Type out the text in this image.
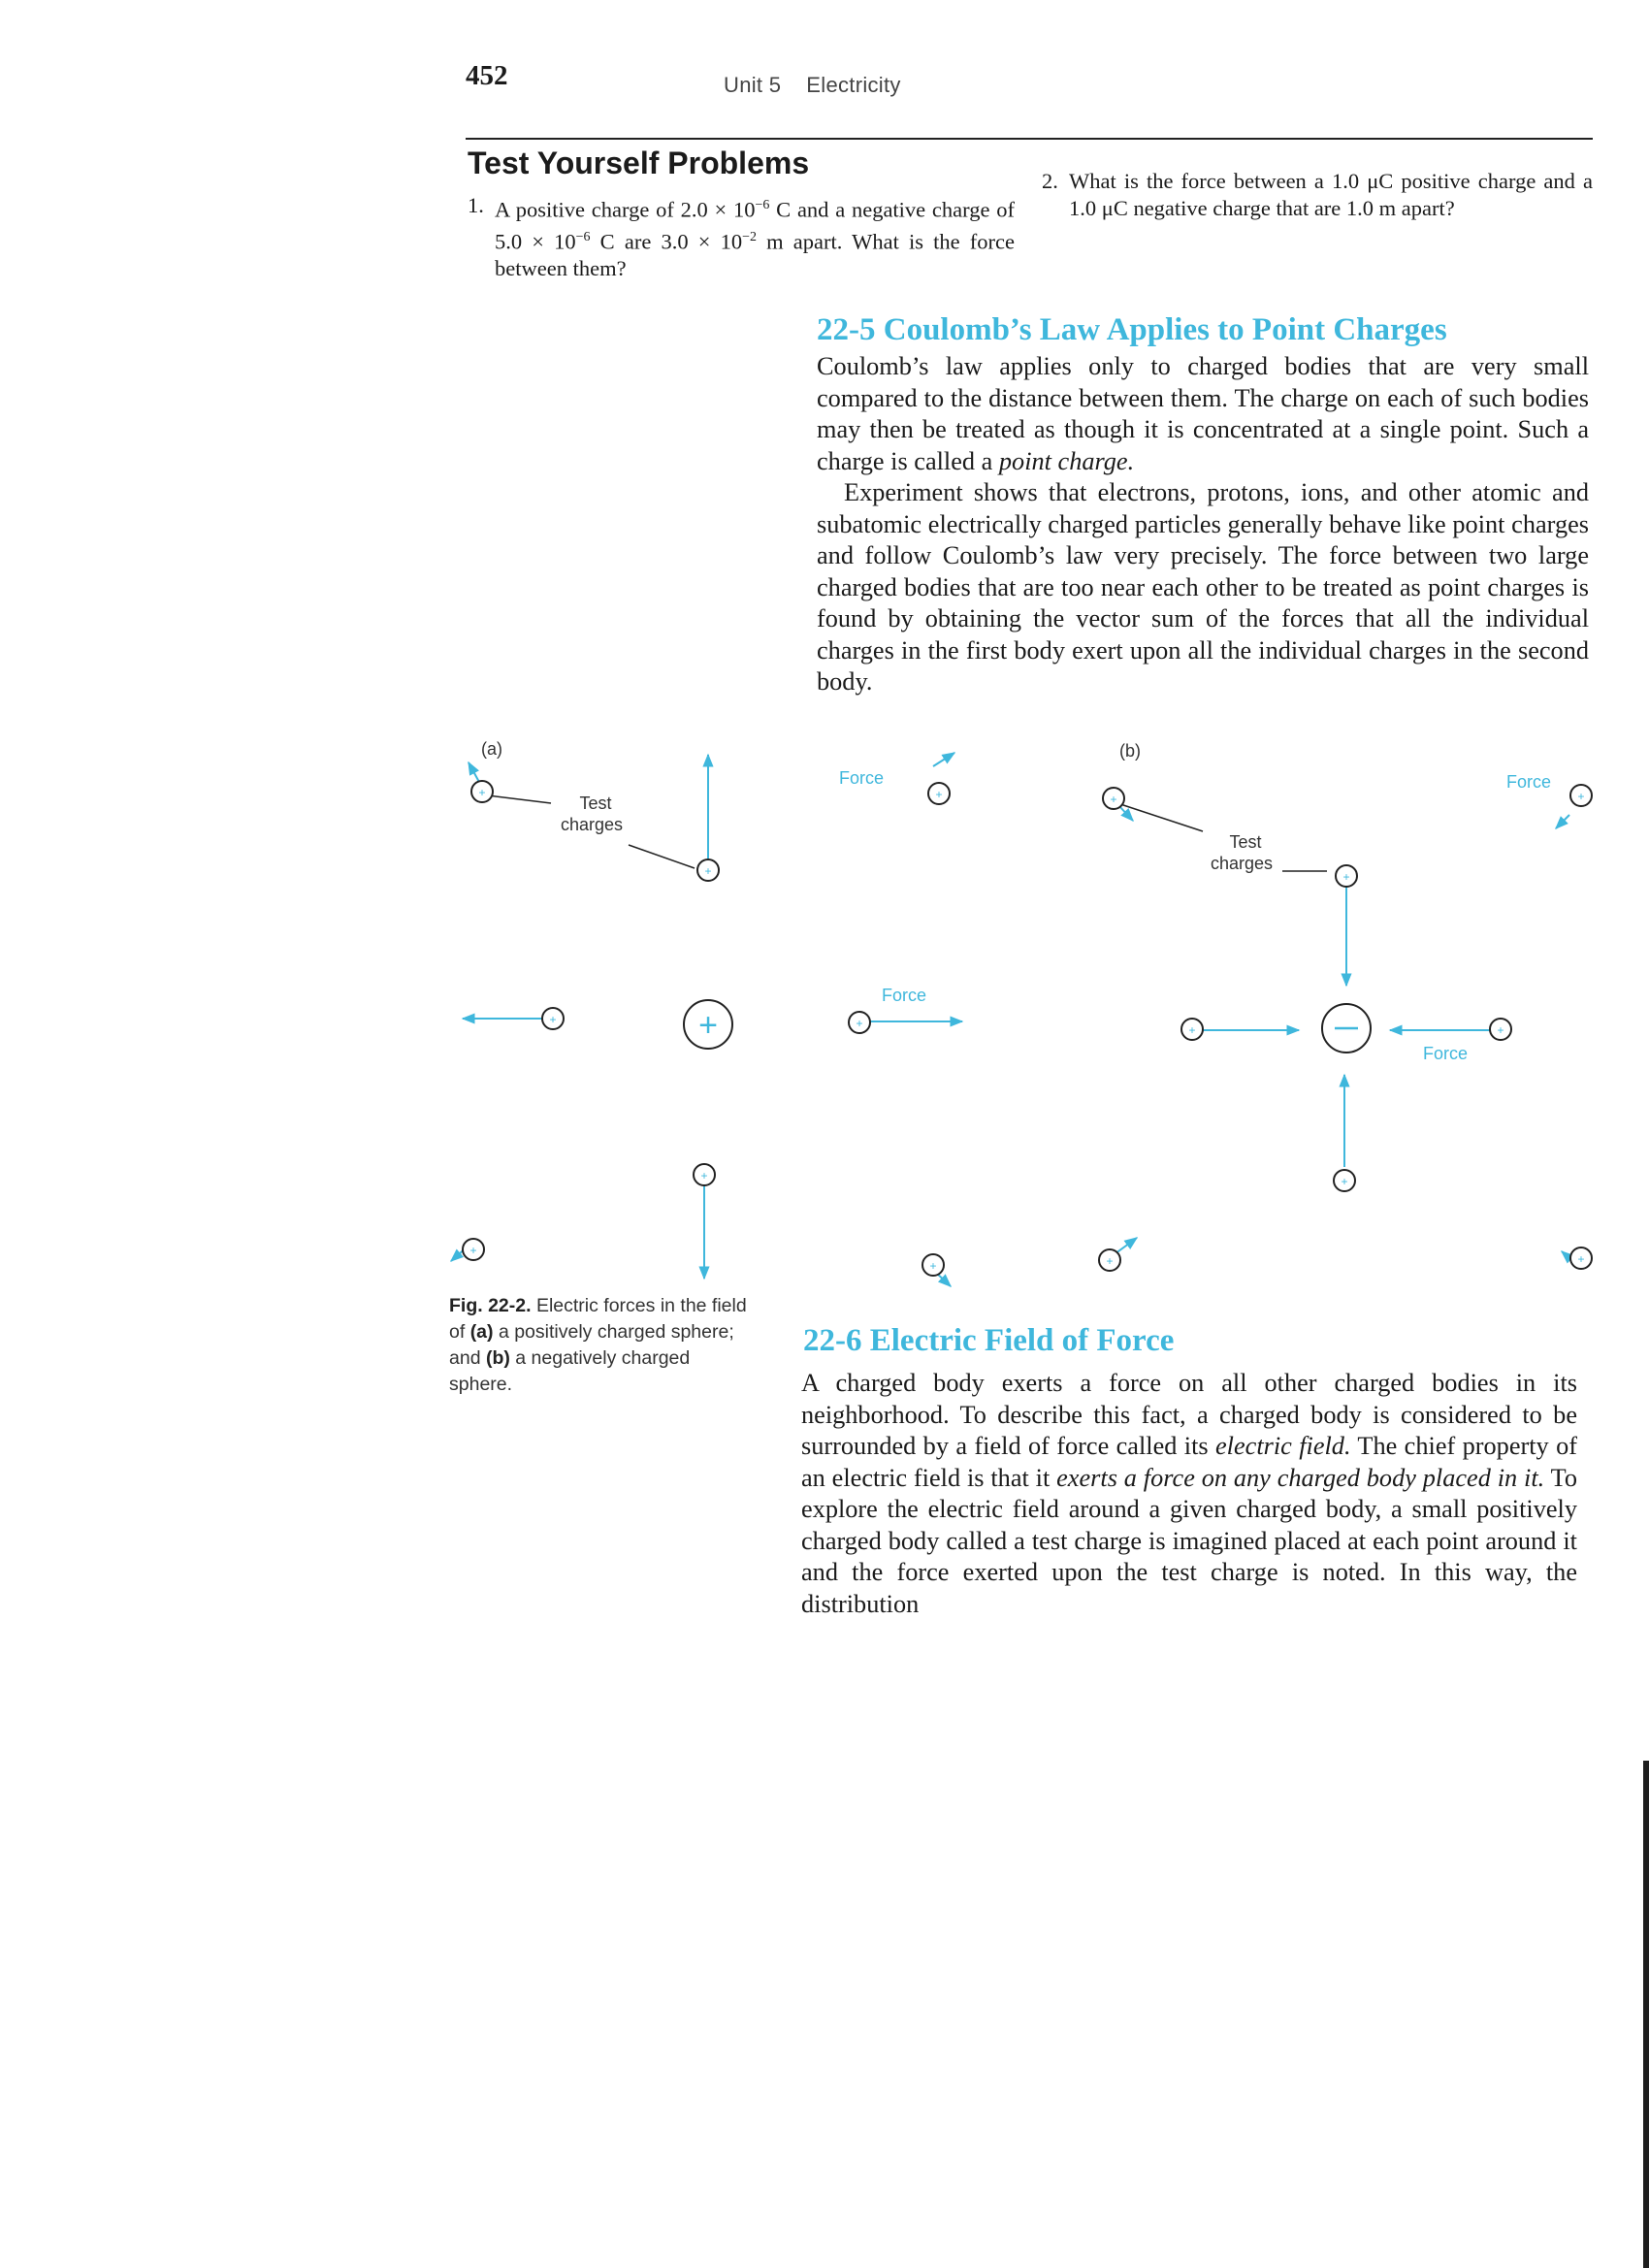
452	Unit 5 Electricity
Test Yourself Problems
1. A positive charge of $2.0 \times 10^{-6}$ C and a negative charge of $5.0 \times 10^{-6}$ C are $3.0 \times 10^{-2}$ m apart. What is the force between them?
2. What is the force between a 1.0 μC positive charge and a 1.0 μC negative charge that are 1.0 m apart?
22-5 Coulomb’s Law Applies to Point Charges

Coulomb’s law applies only to charged bodies that are very small compared to the distance between them. The charge on each of such bodies may then be treated as though it is concentrated at a single point. Such a charge is called a point charge.

Experiment shows that electrons, protons, ions, and other atomic and subatomic electrically charged particles generally behave like point charges and follow Coulomb’s law very precisely. The force between two large charged bodies that are too near each other to be treated as point charges is found by obtaining the vector sum of the forces that all the individual charges in the first body exert upon all the individual charges in the second body.

(a)
+
Test charges
Force
Force
+
+
+
+	+
+
+
+
(b)
Test charges
Force
Force
+
+
+
+	+
+
+	+
Fig. 22-2. Electric forces in the field of (a) a positively charged sphere; and (b) a negatively charged sphere.
22-6 Electric Field of Force

A charged body exerts a force on all other charged bodies in its neighborhood. To describe this fact, a charged body is considered to be surrounded by a field of force called its electric field. The chief property of an electric field is that it exerts a force on any charged body placed in it. To explore the electric field around a given charged body, a small positively charged body called a test charge is imagined placed at each point around it and the force exerted upon the test charge is noted. In this way, the distribution
